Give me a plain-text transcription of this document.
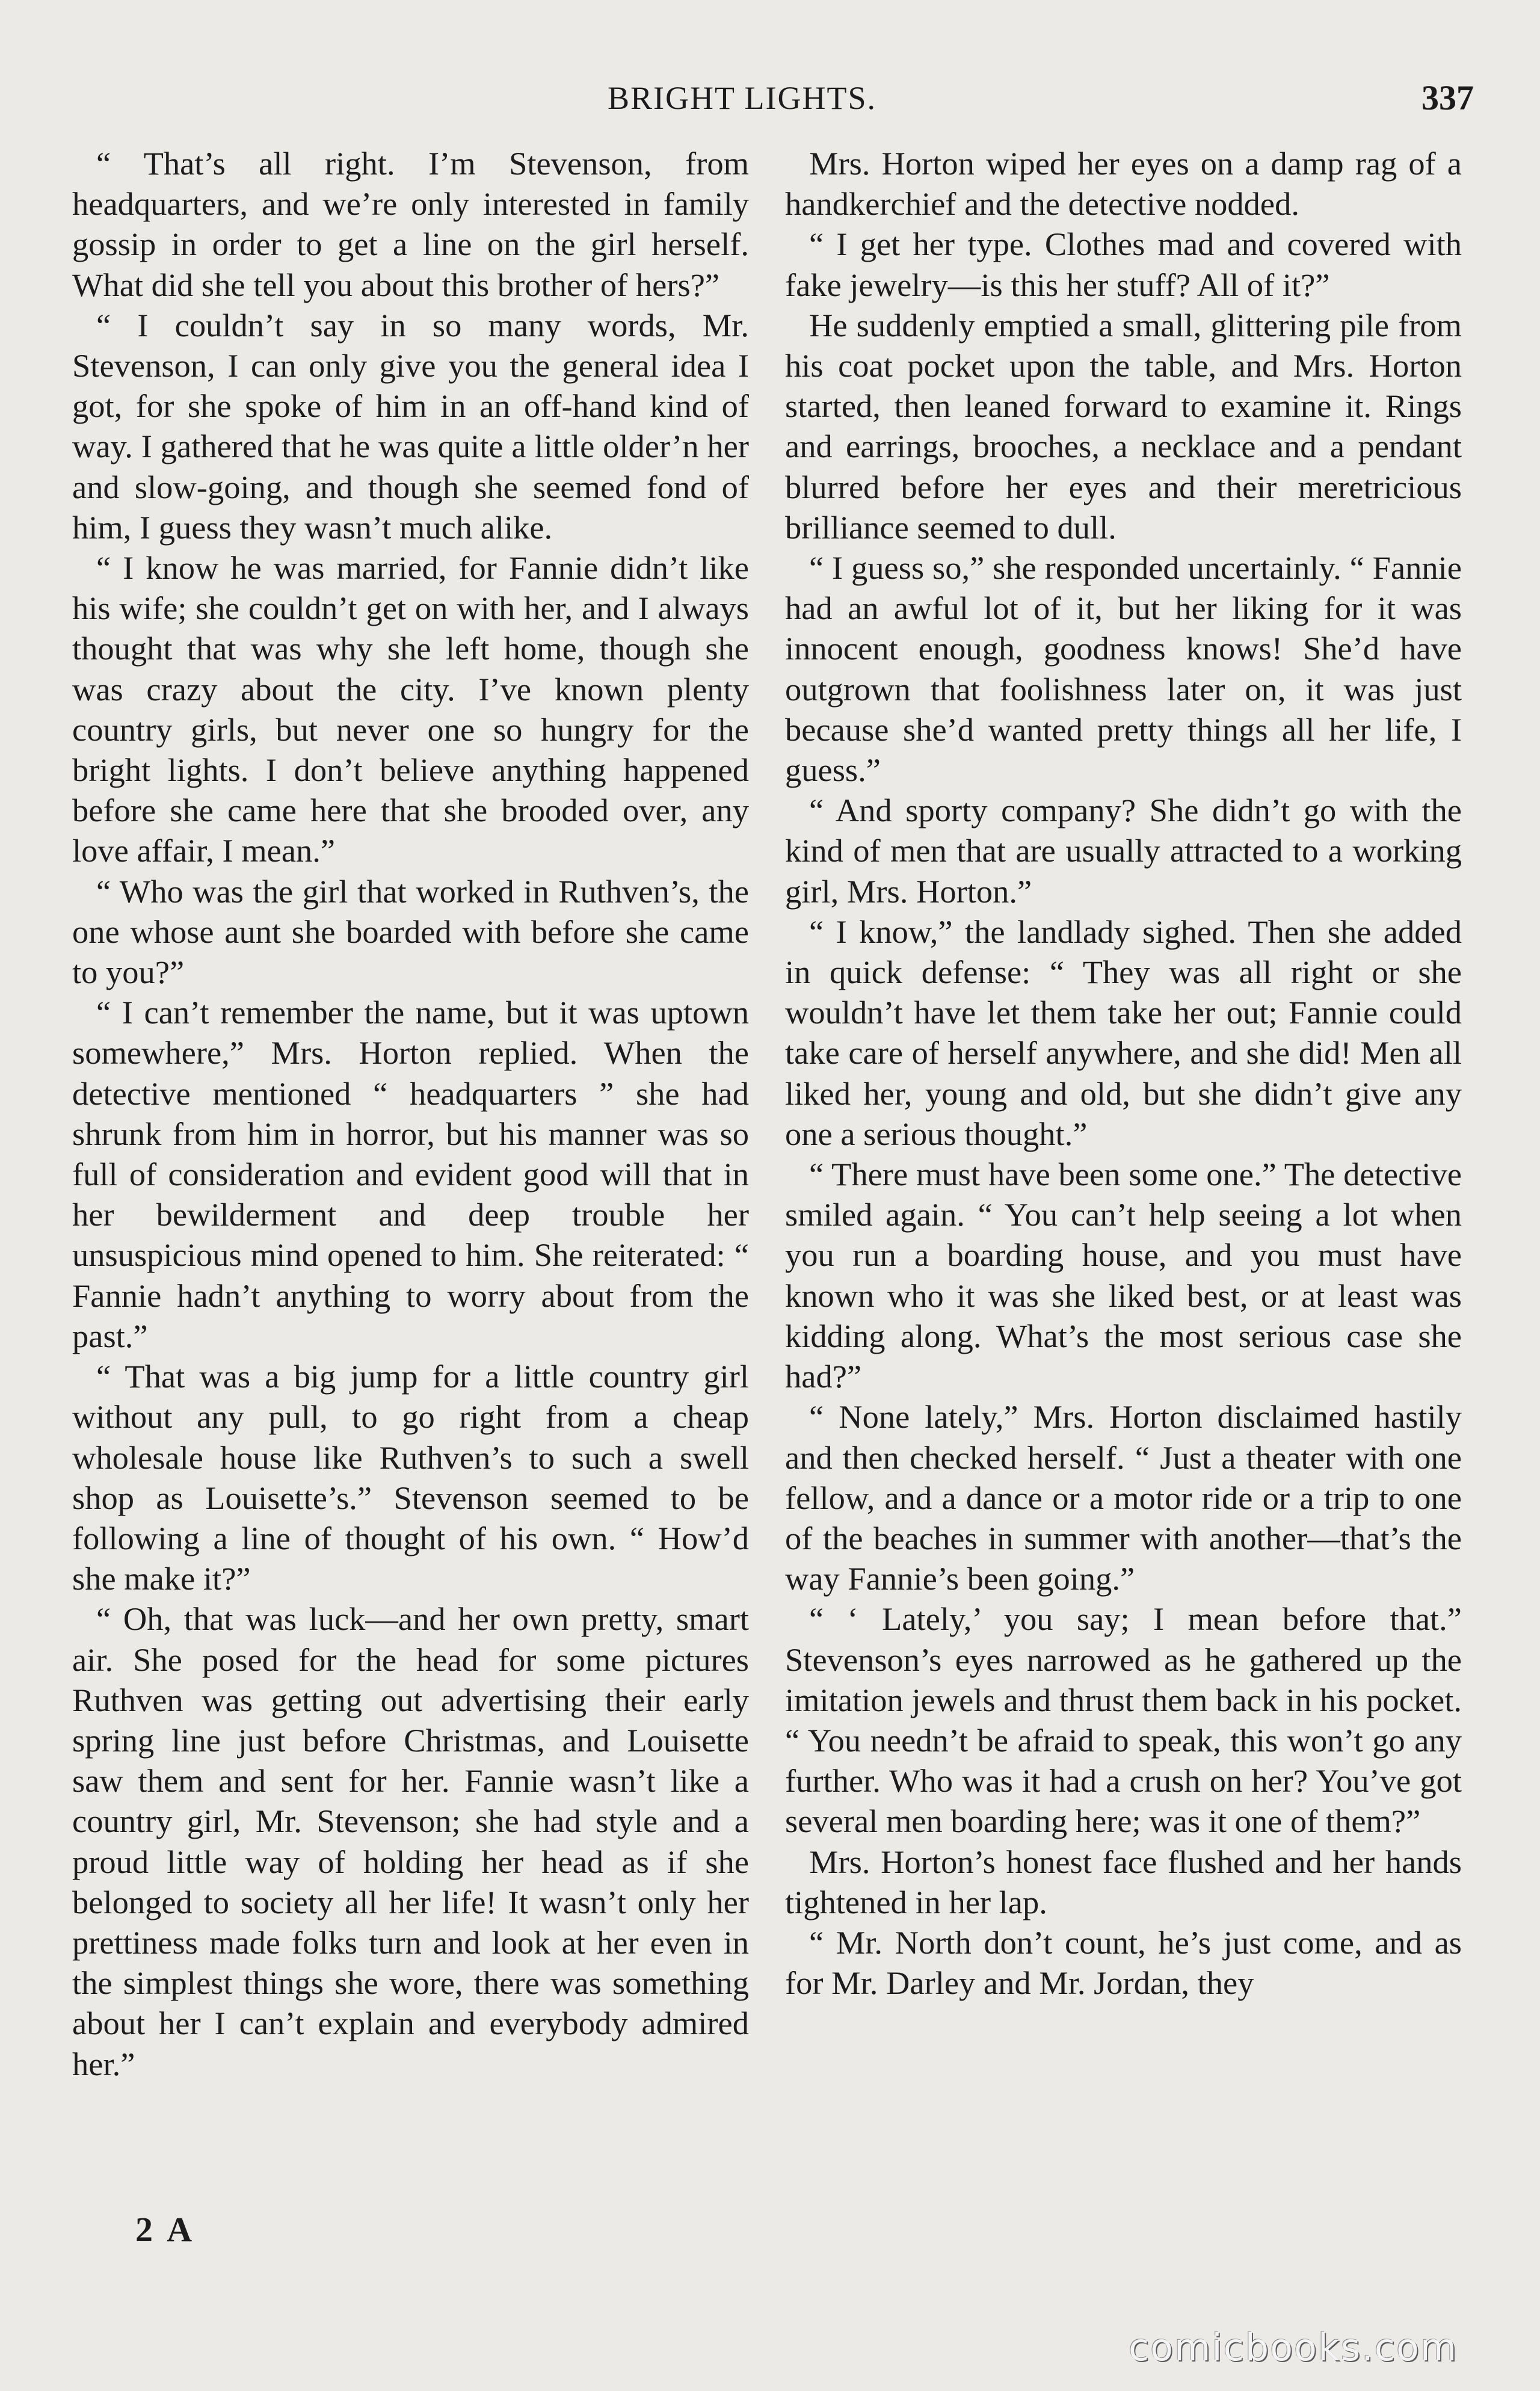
BRIGHT LIGHTS.	337

“ That’s all right. I’m Stevenson, from headquarters, and we’re only interested in family gossip in order to get a line on the girl herself. What did she tell you about this brother of hers?”

“ I couldn’t say in so many words, Mr. Stevenson, I can only give you the general idea I got, for she spoke of him in an off-hand kind of way. I gathered that he was quite a little older’n her and slow-going, and though she seemed fond of him, I guess they wasn’t much alike.

“ I know he was married, for Fannie didn’t like his wife; she couldn’t get on with her, and I always thought that was why she left home, though she was crazy about the city. I’ve known plenty country girls, but never one so hungry for the bright lights. I don’t believe anything happened before she came here that she brooded over, any love affair, I mean.”

“ Who was the girl that worked in Ruthven’s, the one whose aunt she boarded with before she came to you?”

“ I can’t remember the name, but it was uptown somewhere,” Mrs. Horton replied. When the detective mentioned “ headquarters ” she had shrunk from him in horror, but his manner was so full of consideration and evident good will that in her bewilderment and deep trouble her unsuspicious mind opened to him. She reiterated: “ Fannie hadn’t anything to worry about from the past.”

“ That was a big jump for a little country girl without any pull, to go right from a cheap wholesale house like Ruthven’s to such a swell shop as Louisette’s.” Stevenson seemed to be following a line of thought of his own. “ How’d she make it?”

“ Oh, that was luck—and her own pretty, smart air. She posed for the head for some pictures Ruthven was getting out advertising their early spring line just before Christmas, and Louisette saw them and sent for her. Fannie wasn’t like a country girl, Mr. Stevenson; she had style and a proud little way of holding her head as if she belonged to society all her life! It wasn’t only her prettiness made folks turn and look at her even in the simplest things she wore, there was something about her I can’t explain and everybody admired her.”

Mrs. Horton wiped her eyes on a damp rag of a handkerchief and the detective nodded.

“ I get her type. Clothes mad and covered with fake jewelry—is this her stuff? All of it?”

He suddenly emptied a small, glittering pile from his coat pocket upon the table, and Mrs. Horton started, then leaned forward to examine it. Rings and earrings, brooches, a necklace and a pendant blurred before her eyes and their meretricious brilliance seemed to dull.

“ I guess so,” she responded uncertainly. “ Fannie had an awful lot of it, but her liking for it was innocent enough, goodness knows! She’d have outgrown that foolishness later on, it was just because she’d wanted pretty things all her life, I guess.”

“ And sporty company? She didn’t go with the kind of men that are usually attracted to a working girl, Mrs. Horton.”

“ I know,” the landlady sighed. Then she added in quick defense: “ They was all right or she wouldn’t have let them take her out; Fannie could take care of herself anywhere, and she did! Men all liked her, young and old, but she didn’t give any one a serious thought.”

“ There must have been some one.” The detective smiled again. “ You can’t help seeing a lot when you run a boarding house, and you must have known who it was she liked best, or at least was kidding along. What’s the most serious case she had?”

“ None lately,” Mrs. Horton disclaimed hastily and then checked herself. “ Just a theater with one fellow, and a dance or a motor ride or a trip to one of the beaches in summer with another—that’s the way Fannie’s been going.”

“ ‘ Lately,’ you say; I mean before that.” Stevenson’s eyes narrowed as he gathered up the imitation jewels and thrust them back in his pocket. “ You needn’t be afraid to speak, this won’t go any further. Who was it had a crush on her? You’ve got several men boarding here; was it one of them?”

Mrs. Horton’s honest face flushed and her hands tightened in her lap.

“ Mr. North don’t count, he’s just come, and as for Mr. Darley and Mr. Jordan, they

2 A
comicbooks.com
